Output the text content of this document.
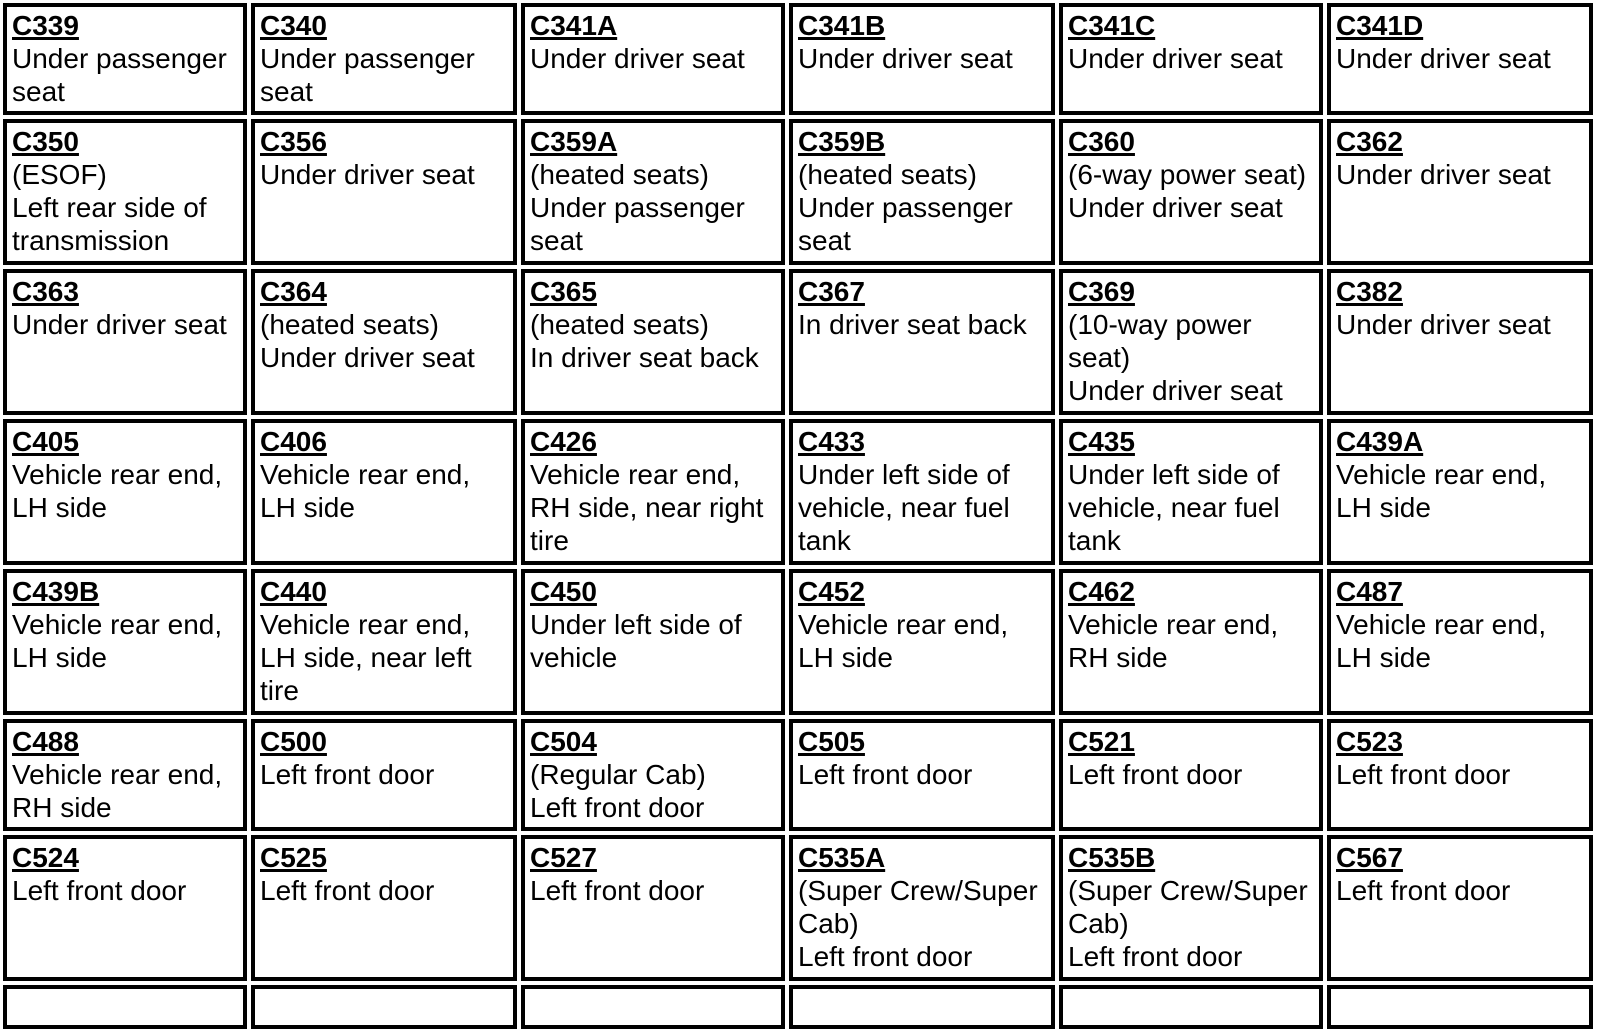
C339
Under passenger
seat
C340
Under passenger
seat
C341A
Under driver seat
C341B
Under driver seat
C341C
Under driver seat
C341D
Under driver seat
C350
(ESOF)
Left rear side of
transmission
C356
Under driver seat
C359A
(heated seats)
Under passenger
seat
C359B
(heated seats)
Under passenger
seat
C360
(6-way power seat)
Under driver seat
C362
Under driver seat
C363
Under driver seat
C364
(heated seats)
Under driver seat
C365
(heated seats)
In driver seat back
C367
In driver seat back
C369
(10-way power
seat)
Under driver seat
C382
Under driver seat
C405
Vehicle rear end,
LH side
C406
Vehicle rear end,
LH side
C426
Vehicle rear end,
RH side, near right
tire
C433
Under left side of
vehicle, near fuel
tank
C435
Under left side of
vehicle, near fuel
tank
C439A
Vehicle rear end,
LH side
C439B
Vehicle rear end,
LH side
C440
Vehicle rear end,
LH side, near left
tire
C450
Under left side of
vehicle
C452
Vehicle rear end,
LH side
C462
Vehicle rear end,
RH side
C487
Vehicle rear end,
LH side
C488
Vehicle rear end,
RH side
C500
Left front door
C504
(Regular Cab)
Left front door
C505
Left front door
C521
Left front door
C523
Left front door
C524
Left front door
C525
Left front door
C527
Left front door
C535A
(Super Crew/Super
Cab)
Left front door
C535B
(Super Crew/Super
Cab)
Left front door
C567
Left front door
